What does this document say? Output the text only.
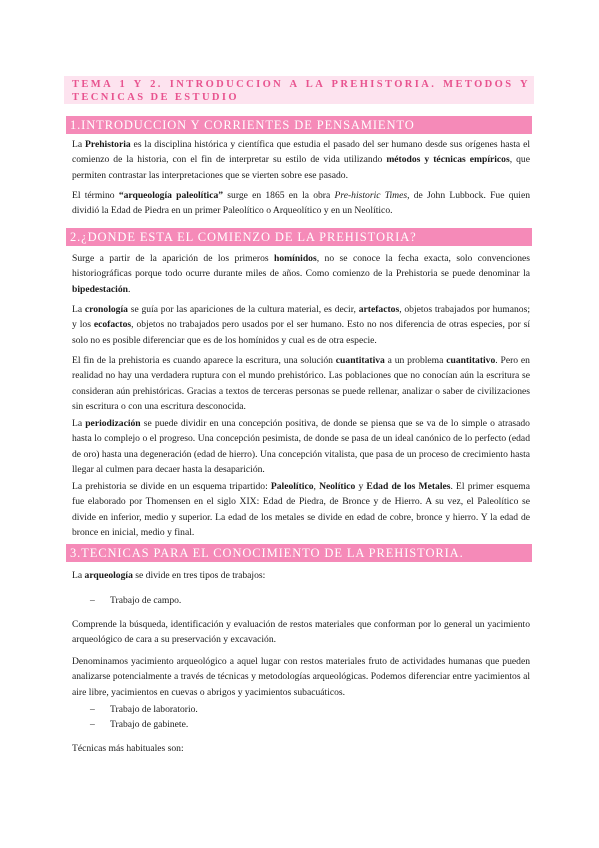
TEMA 1 Y 2. INTRODUCCION A LA PREHISTORIA. METODOS Y TECNICAS DE ESTUDIO
1.INTRODUCCION Y CORRIENTES DE PENSAMIENTO

La Prehistoria es la disciplina histórica y científica que estudia el pasado del ser humano desde sus orígenes hasta el comienzo de la historia, con el fin de interpretar su estilo de vida utilizando métodos y técnicas empíricos, que permiten contrastar las interpretaciones que se vierten sobre ese pasado.

El término “arqueología paleolítica” surge en 1865 en la obra Pre-historic Times, de John Lubbock. Fue quien dividió la Edad de Piedra en un primer Paleolítico o Arqueolítico y en un Neolítico.

2.¿DONDE ESTA EL COMIENZO DE LA PREHISTORIA?

Surge a partir de la aparición de los primeros homínidos, no se conoce la fecha exacta, solo convenciones historiográficas porque todo ocurre durante miles de años. Como comienzo de la Prehistoria se puede denominar la bipedestación.

La cronología se guía por las apariciones de la cultura material, es decir, artefactos, objetos trabajados por humanos; y los ecofactos, objetos no trabajados pero usados por el ser humano. Esto no nos diferencia de otras especies, por sí solo no es posible diferenciar que es de los homínidos y cual es de otra especie.

El fin de la prehistoria es cuando aparece la escritura, una solución cuantitativa a un problema cuantitativo. Pero en realidad no hay una verdadera ruptura con el mundo prehistórico. Las poblaciones que no conocían aún la escritura se consideran aún prehistóricas. Gracias a textos de terceras personas se puede rellenar, analizar o saber de civilizaciones sin escritura o con una escritura desconocida.

La periodización se puede dividir en una concepción positiva, de donde se piensa que se va de lo simple o atrasado hasta lo complejo o el progreso. Una concepción pesimista, de donde se pasa de un ideal canónico de lo perfecto (edad de oro) hasta una degeneración (edad de hierro). Una concepción vitalista, que pasa de un proceso de crecimiento hasta llegar al culmen para decaer hasta la desaparición.

La prehistoria se divide en un esquema tripartido: Paleolítico, Neolítico y Edad de los Metales. El primer esquema fue elaborado por Thomensen en el siglo XIX: Edad de Piedra, de Bronce y de Hierro. A su vez, el Paleolítico se divide en inferior, medio y superior. La edad de los metales se divide en edad de cobre, bronce y hierro. Y la edad de bronce en inicial, medio y final.

3.TECNICAS PARA EL CONOCIMIENTO DE LA PREHISTORIA.

La arqueología se divide en tres tipos de trabajos:

– Trabajo de campo.

Comprende la búsqueda, identificación y evaluación de restos materiales que conforman por lo general un yacimiento arqueológico de cara a su preservación y excavación.

Denominamos yacimiento arqueológico a aquel lugar con restos materiales fruto de actividades humanas que pueden analizarse potencialmente a través de técnicas y metodologías arqueológicas. Podemos diferenciar entre yacimientos al aire libre, yacimientos en cuevas o abrigos y yacimientos subacuáticos.

– Trabajo de laboratorio.

– Trabajo de gabinete.

Técnicas más habituales son:
